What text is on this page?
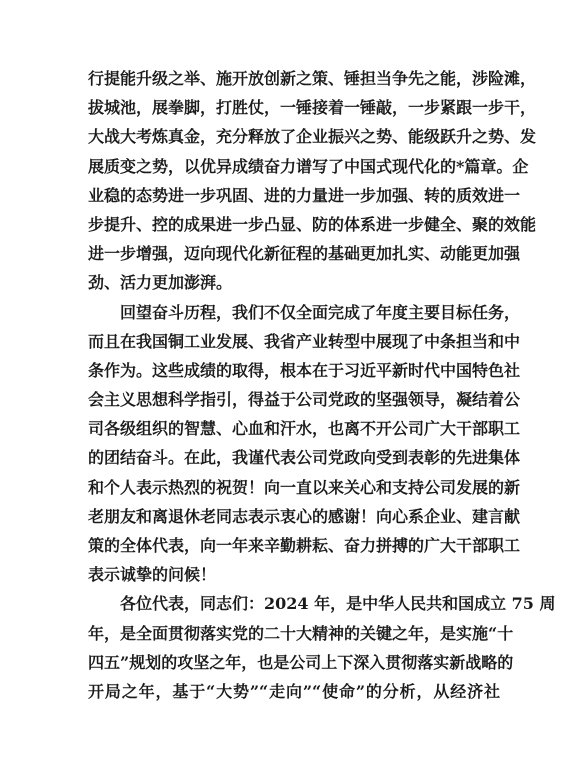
行提能升级之举、施开放创新之策、锤担当争先之能，涉险滩，
拔城池，展拳脚，打胜仗，一锤接着一锤敲，一步紧跟一步干，
大战大考炼真金，充分释放了企业振兴之势、能级跃升之势、发
展质变之势，以优异成绩奋力谱写了中国式现代化的*篇章。企
业稳的态势进一步巩固、进的力量进一步加强、转的质效进一
步提升、控的成果进一步凸显、防的体系进一步健全、聚的效能
进一步增强，迈向现代化新征程的基础更加扎实、动能更加强
劲、活力更加澎湃。
回望奋斗历程，我们不仅全面完成了年度主要目标任务，
而且在我国铜工业发展、我省产业转型中展现了中条担当和中
条作为。这些成绩的取得，根本在于习近平新时代中国特色社
会主义思想科学指引，得益于公司党政的坚强领导，凝结着公
司各级组织的智慧、心血和汗水，也离不开公司广大干部职工
的团结奋斗。在此，我谨代表公司党政向受到表彰的先进集体
和个人表示热烈的祝贺！向一直以来关心和支持公司发展的新
老朋友和离退休老同志表示衷心的感谢！向心系企业、建言献
策的全体代表，向一年来辛勤耕耘、奋力拼搏的广大干部职工
表示诚挚的问候！
各位代表，同志们：2024 年，是中华人民共和国成立 75 周
年，是全面贯彻落实党的二十大精神的关键之年，是实施“十
四五”规划的攻坚之年，也是公司上下深入贯彻落实新战略的
开局之年，基于“大势”“走向”“使命”的分析，从经济社
